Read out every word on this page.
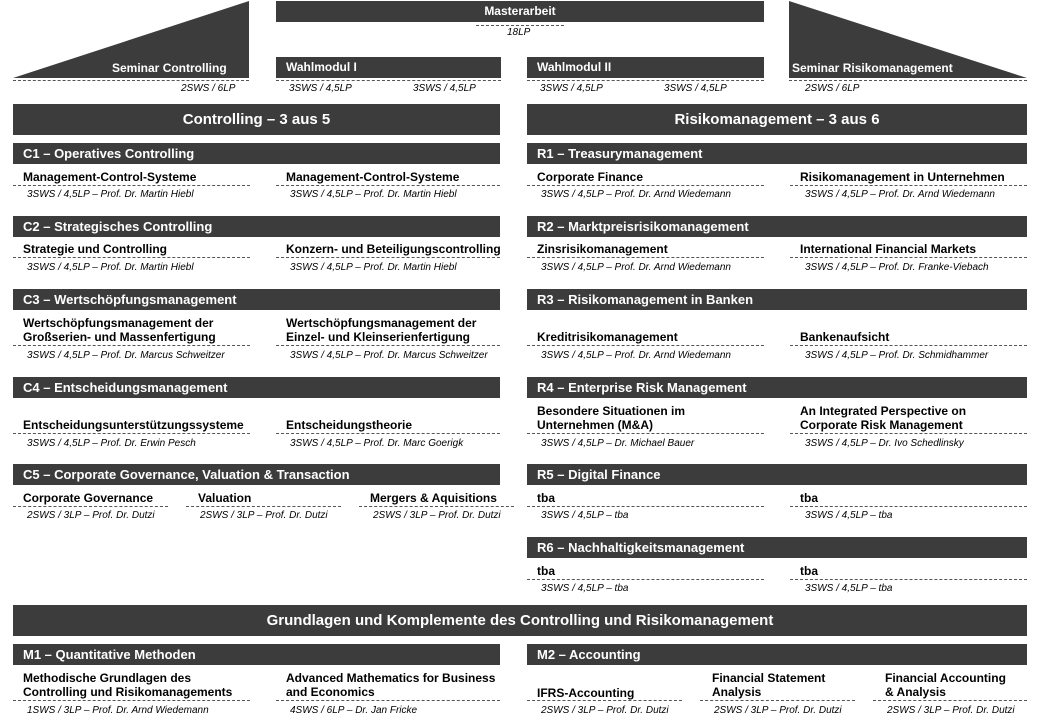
Seminar Controlling
2SWS / 6LP
Masterarbeit
18LP
Wahlmodul I
3SWS / 4,5LP	3SWS / 4,5LP
Wahlmodul II
3SWS / 4,5LP	3SWS / 4,5LP
Seminar Risikomanagement
2SWS / 6LP
Controlling – 3 aus 5	Risikomanagement – 3 aus 6
C1 – Operatives Controlling
Management-Control-Systeme
3SWS / 4,5LP – Prof. Dr. Martin Hiebl
Management-Control-Systeme
3SWS / 4,5LP – Prof. Dr. Martin Hiebl
C2 – Strategisches Controlling
Strategie und Controlling
3SWS / 4,5LP – Prof. Dr. Martin Hiebl
Konzern- und Beteiligungscontrolling
3SWS / 4,5LP – Prof. Dr. Martin Hiebl
C3 – Wertschöpfungsmanagement
Wertschöpfungsmanagement der
Großserien- und Massenfertigung
3SWS / 4,5LP – Prof. Dr. Marcus Schweitzer
Wertschöpfungsmanagement der
Einzel- und Kleinserienfertigung
3SWS / 4,5LP – Prof. Dr. Marcus Schweitzer
C4 – Entscheidungsmanagement
Entscheidungsunterstützungssysteme
3SWS / 4,5LP – Prof. Dr. Erwin Pesch
Entscheidungstheorie
3SWS / 4,5LP – Prof. Dr. Marc Goerigk
C5 – Corporate Governance, Valuation & Transaction
Corporate Governance
2SWS / 3LP – Prof. Dr. Dutzi
Valuation
2SWS / 3LP – Prof. Dr. Dutzi
Mergers & Aquisitions
2SWS / 3LP – Prof. Dr. Dutzi
R1 – Treasurymanagement
Corporate Finance
3SWS / 4,5LP – Prof. Dr. Arnd Wiedemann
Risikomanagement in Unternehmen
3SWS / 4,5LP – Prof. Dr. Arnd Wiedemann
R2 – Marktpreisrisikomanagement
Zinsrisikomanagement
3SWS / 4,5LP – Prof. Dr. Arnd Wiedemann
International Financial Markets
3SWS / 4,5LP – Prof. Dr. Franke-Viebach
R3 – Risikomanagement in Banken
Kreditrisikomanagement
3SWS / 4,5LP – Prof. Dr. Arnd Wiedemann
Bankenaufsicht
3SWS / 4,5LP – Prof. Dr. Schmidhammer
R4 – Enterprise Risk Management
Besondere Situationen im
Unternehmen (M&A)
3SWS / 4,5LP – Dr. Michael Bauer
An Integrated Perspective on
Corporate Risk Management
3SWS / 4,5LP – Dr. Ivo Schedlinsky
R5 – Digital Finance
tba
3SWS / 4,5LP – tba
tba
3SWS / 4,5LP – tba
R6 – Nachhaltigkeitsmanagement
tba
3SWS / 4,5LP – tba
tba
3SWS / 4,5LP – tba
Grundlagen und Komplemente des Controlling und Risikomanagement
M1 – Quantitative Methoden
Methodische Grundlagen des
Controlling und Risikomanagements
1SWS / 3LP – Prof. Dr. Arnd Wiedemann
Advanced Mathematics for Business
and Economics
4SWS / 6LP – Dr. Jan Fricke
M2 – Accounting
IFRS-Accounting
2SWS / 3LP – Prof. Dr. Dutzi
Financial Statement
Analysis
2SWS / 3LP – Prof. Dr. Dutzi
Financial Accounting
& Analysis
2SWS / 3LP – Prof. Dr. Dutzi
